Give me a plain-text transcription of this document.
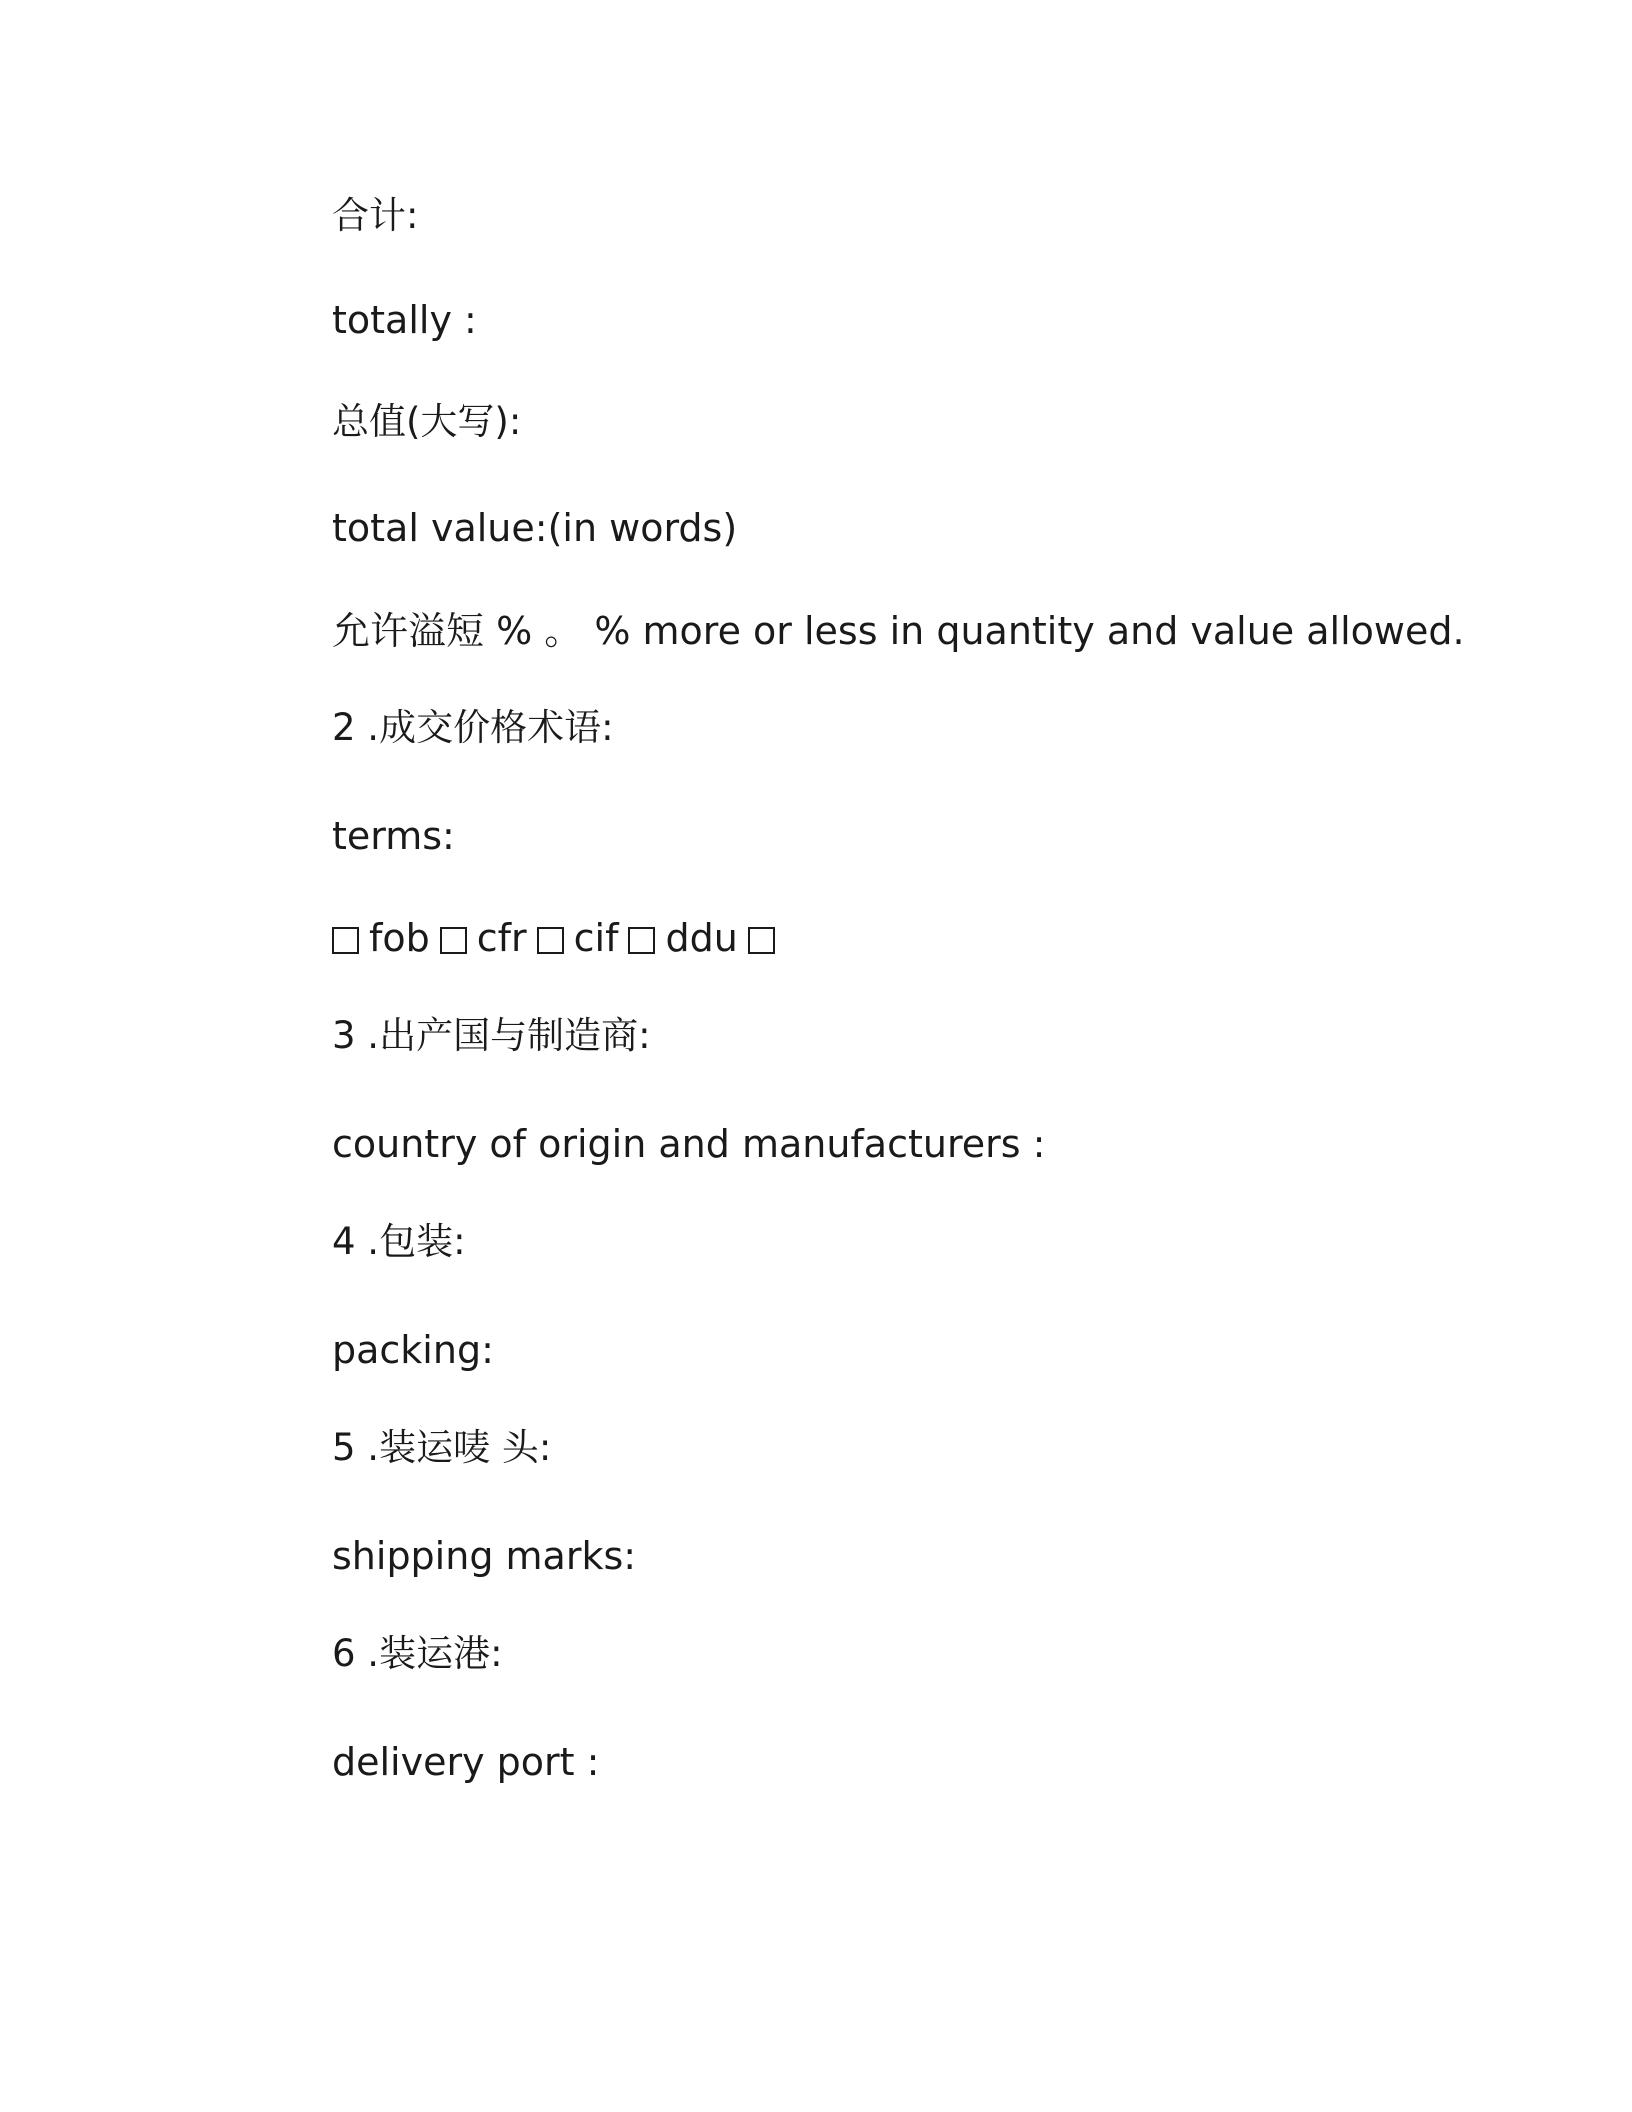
合计:
totally :
总值(大写):
total value:(in words)
允许溢短 % 。 % more or less in quantity and value allowed.
2 .成交价格术语:
terms:
fob cfr cif ddu
3 .出产国与制造商:
country of origin and manufacturers :
4 .包装:
packing:
5 .装运唛 头:
shipping marks:
6 .装运港:
delivery port :
